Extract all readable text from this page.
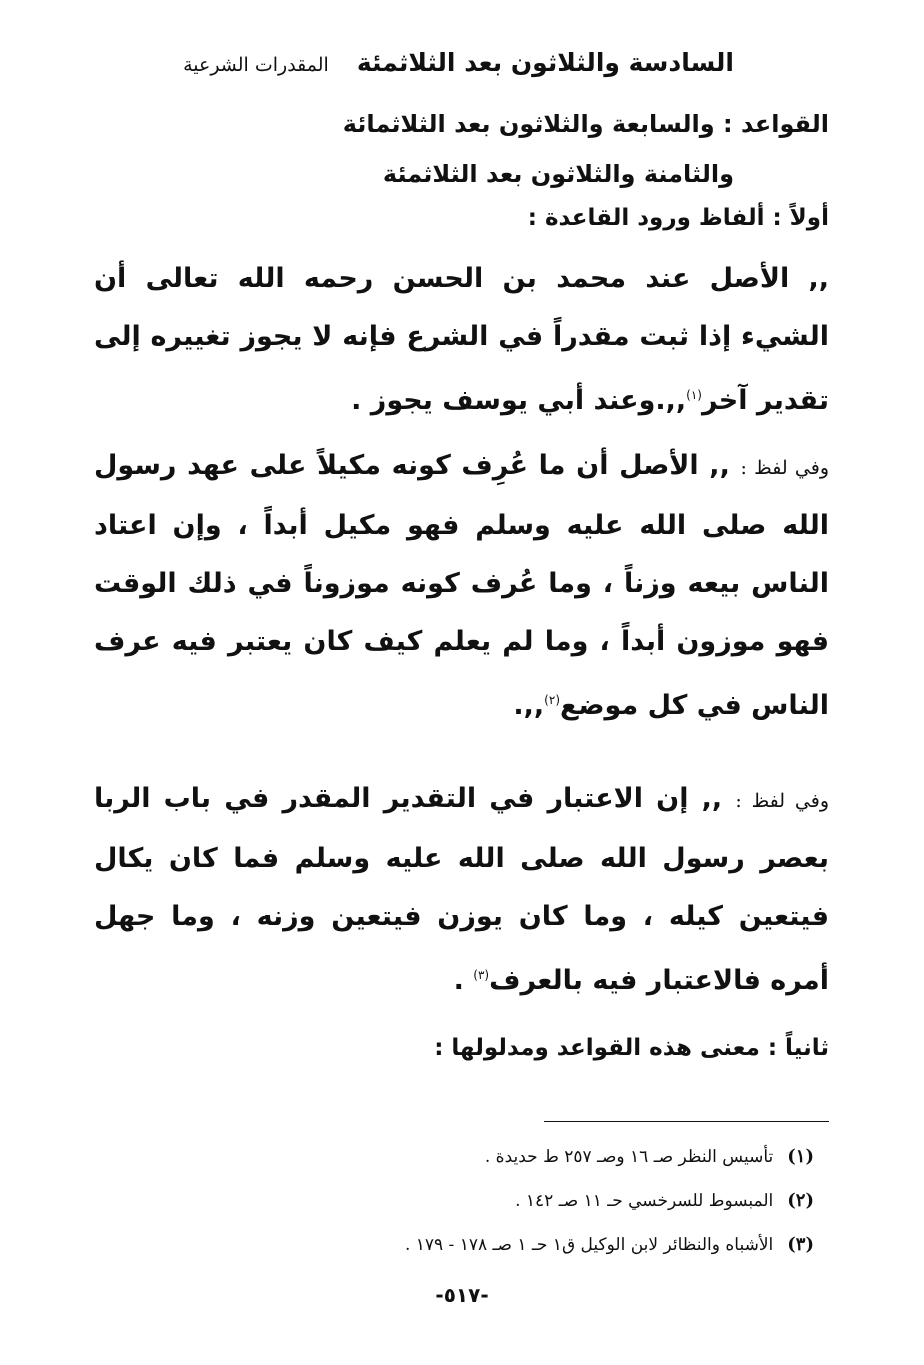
السادسة والثلاثون بعد الثلاثمئة
المقدرات الشرعية
القواعد : والسابعة والثلاثون بعد الثلاثمائة
والثامنة والثلاثون بعد الثلاثمئة
أولاً : ألفاظ ورود القاعدة :

,, الأصل عند محمد بن الحسن رحمه الله تعالى أن الشيء إذا ثبت مقدراً في الشرع فإنه لا يجوز تغييره إلى تقدير آخر$^{(١)}$,,.وعند أبي يوسف يجوز .

وفي لفظ : ,, الأصل أن ما عُرِف كونه مكيلاً على عهد رسول الله صلى الله عليه وسلم فهو مكيل أبداً ، وإن اعتاد الناس بيعه وزناً ، وما عُرف كونه موزوناً في ذلك الوقت فهو موزون أبداً ، وما لم يعلم كيف كان يعتبر فيه عرف الناس في كل موضع$^{(٢)}$,,.

وفي لفظ : ,, إن الاعتبار في التقدير المقدر في باب الربا بعصر رسول الله صلى الله عليه وسلم فما كان يكال فيتعين كيله ، وما كان يوزن فيتعين وزنه ، وما جهل أمره فالاعتبار فيه بالعرف$^{(٣)}$ .

ثانياً : معنى هذه القواعد ومدلولها :
(١)
تأسيس النظر صـ ١٦ وصـ ٢٥٧ ط حديدة .
(٢)
المبسوط للسرخسي حـ ١١ صـ ١٤٢ .
(٣)
الأشباه والنظائر لابن الوكيل ق١ حـ ١ صـ ١٧٨ - ١٧٩ .
-٥١٧-
